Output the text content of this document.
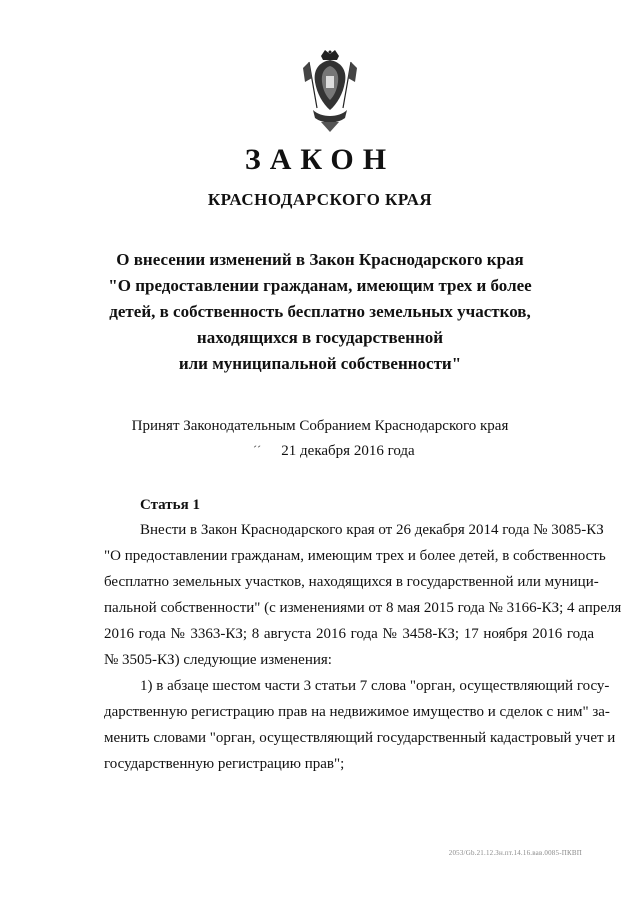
ЗАКОН
КРАСНОДАРСКОГО КРАЯ
О внесении изменений в Закон Краснодарского края
"О предоставлении гражданам, имеющим трех и более
детей, в собственность бесплатно земельных участков,
находящихся в государственной
или муниципальной собственности"
Принят Законодательным Собранием Краснодарского края
´´	21 декабря 2016 года
Статья 1
Внести в Закон Краснодарского края от 26 декабря 2014 года № 3085-КЗ
"О предоставлении гражданам, имеющим трех и более детей, в собственность
бесплатно земельных участков, находящихся в государственной или муници-
пальной собственности" (с изменениями от 8 мая 2015 года № 3166-КЗ; 4 апреля
2016 года № 3363-КЗ; 8 августа 2016 года № 3458-КЗ; 17 ноября 2016 года
№ 3505-КЗ) следующие изменения:
1) в абзаце шестом части 3 статьи 7 слова "орган, осуществляющий госу-
дарственную регистрацию прав на недвижимое имущество и сделок с ним" за-
менить словами "орган, осуществляющий государственный кадастровый учет и
государственную регистрацию прав";
2053/Gb.21.12.Зн.пт.14.16.вав.0085-ПКВП
